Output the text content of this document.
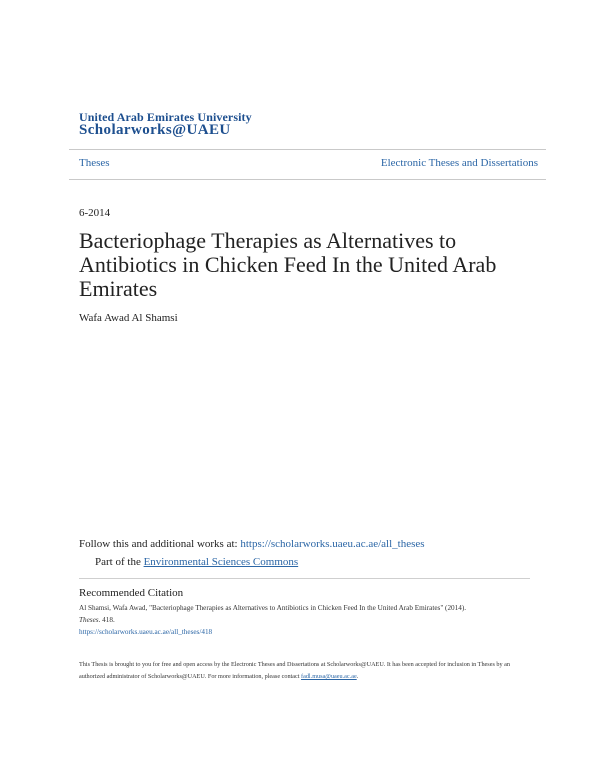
United Arab Emirates University
Scholarworks@UAEU
Theses	Electronic Theses and Dissertations
6-2014
Bacteriophage Therapies as Alternatives to Antibiotics in Chicken Feed In the United Arab Emirates
Wafa Awad Al Shamsi
Follow this and additional works at: https://scholarworks.uaeu.ac.ae/all_theses
Part of the Environmental Sciences Commons
Recommended Citation
Al Shamsi, Wafa Awad, "Bacteriophage Therapies as Alternatives to Antibiotics in Chicken Feed In the United Arab Emirates" (2014).
Theses. 418.
https://scholarworks.uaeu.ac.ae/all_theses/418
This Thesis is brought to you for free and open access by the Electronic Theses and Dissertations at Scholarworks@UAEU. It has been accepted for inclusion in Theses by an authorized administrator of Scholarworks@UAEU. For more information, please contact fadl.musa@uaeu.ac.ae.
